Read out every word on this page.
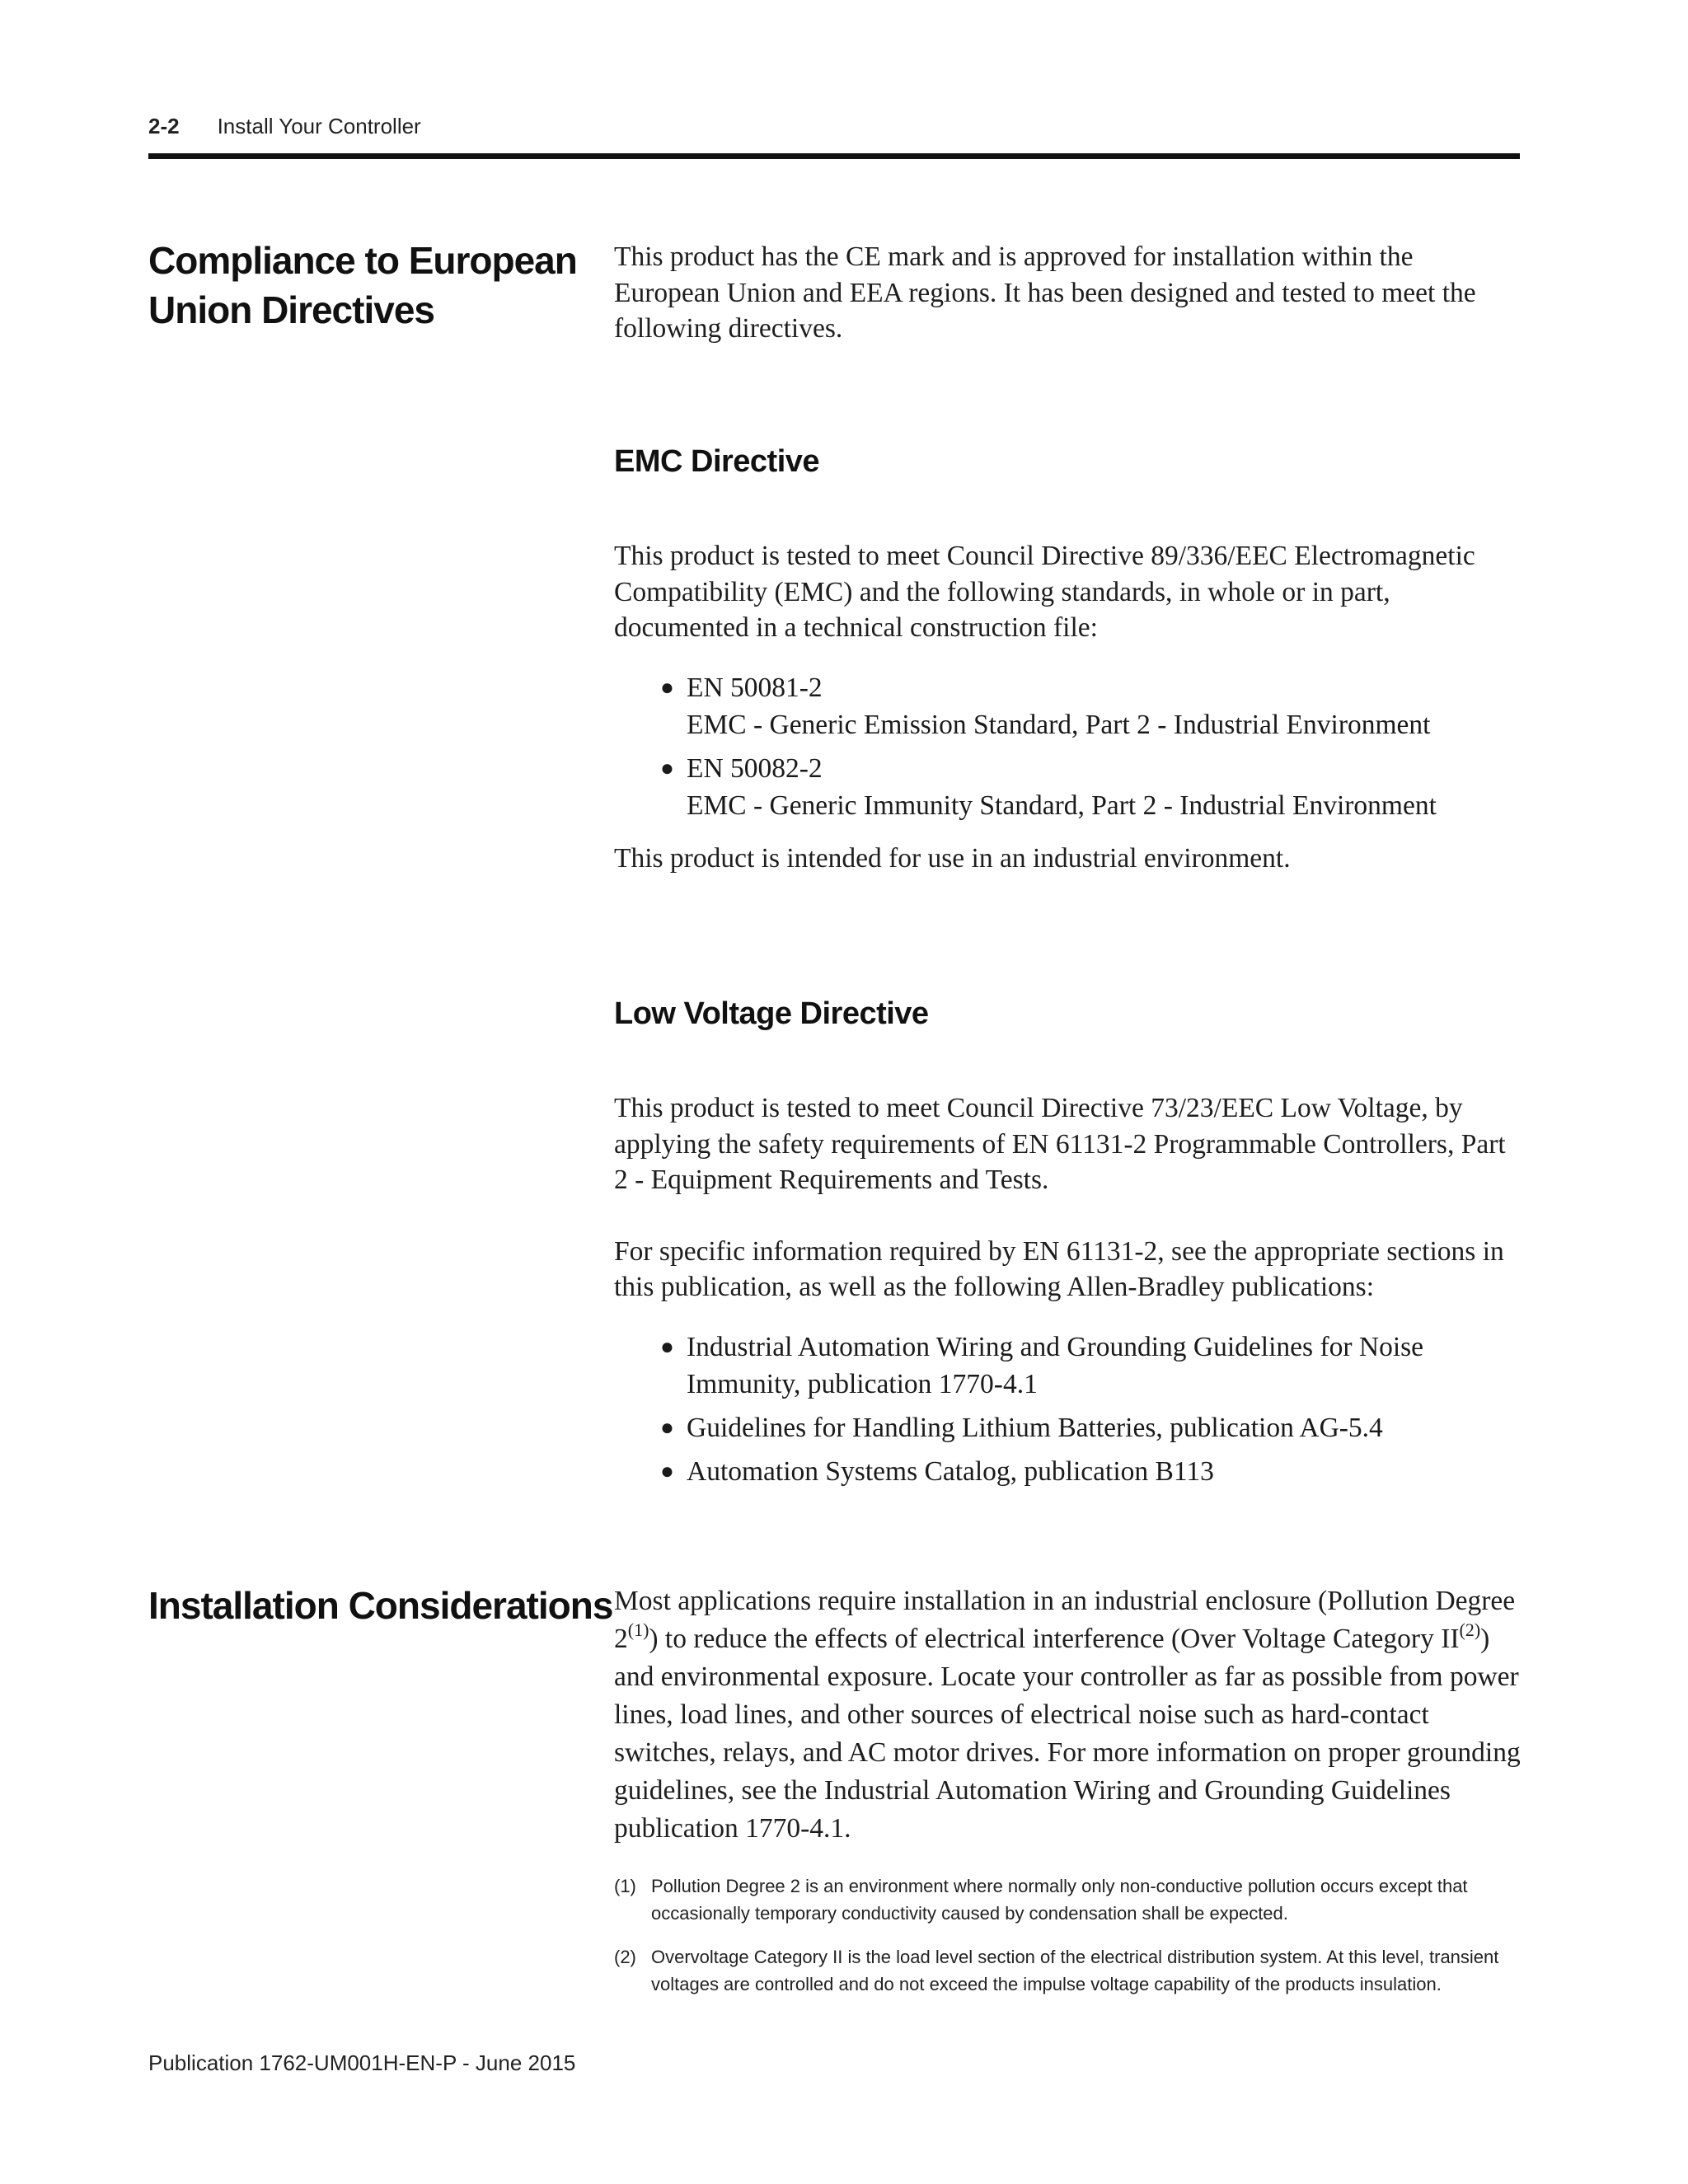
2-2 Install Your Controller
Compliance to European
Union Directives

This product has the CE mark and is approved for installation within the European Union and EEA regions. It has been designed and tested to meet the following directives.

EMC Directive

This product is tested to meet Council Directive 89/336/EEC Electromagnetic Compatibility (EMC) and the following standards, in whole or in part, documented in a technical construction file:

● EN 50081-2
EMC - Generic Emission Standard, Part 2 - Industrial Environment
● EN 50082-2
EMC - Generic Immunity Standard, Part 2 - Industrial Environment

This product is intended for use in an industrial environment.

Low Voltage Directive

This product is tested to meet Council Directive 73/23/EEC Low Voltage, by applying the safety requirements of EN 61131-2 Programmable Controllers, Part 2 - Equipment Requirements and Tests.

For specific information required by EN 61131-2, see the appropriate sections in this publication, as well as the following Allen-Bradley publications:

● Industrial Automation Wiring and Grounding Guidelines for Noise Immunity, publication 1770-4.1
● Guidelines for Handling Lithium Batteries, publication AG-5.4
● Automation Systems Catalog, publication B113
Installation Considerations Most applications require installation in an industrial enclosure (Pollution Degree 2$^{(1)}$) to reduce the effects of electrical interference (Over Voltage Category II$^{(2)}$) and environmental exposure. Locate your controller as far as possible from power lines, load lines, and other sources of electrical noise such as hard-contact switches, relays, and AC motor drives. For more information on proper grounding guidelines, see the Industrial Automation Wiring and Grounding Guidelines publication 1770-4.1.

(1) Pollution Degree 2 is an environment where normally only non-conductive pollution occurs except that occasionally temporary conductivity caused by condensation shall be expected.
(2) Overvoltage Category II is the load level section of the electrical distribution system. At this level, transient voltages are controlled and do not exceed the impulse voltage capability of the products insulation.
Publication 1762-UM001H-EN-P - June 2015
